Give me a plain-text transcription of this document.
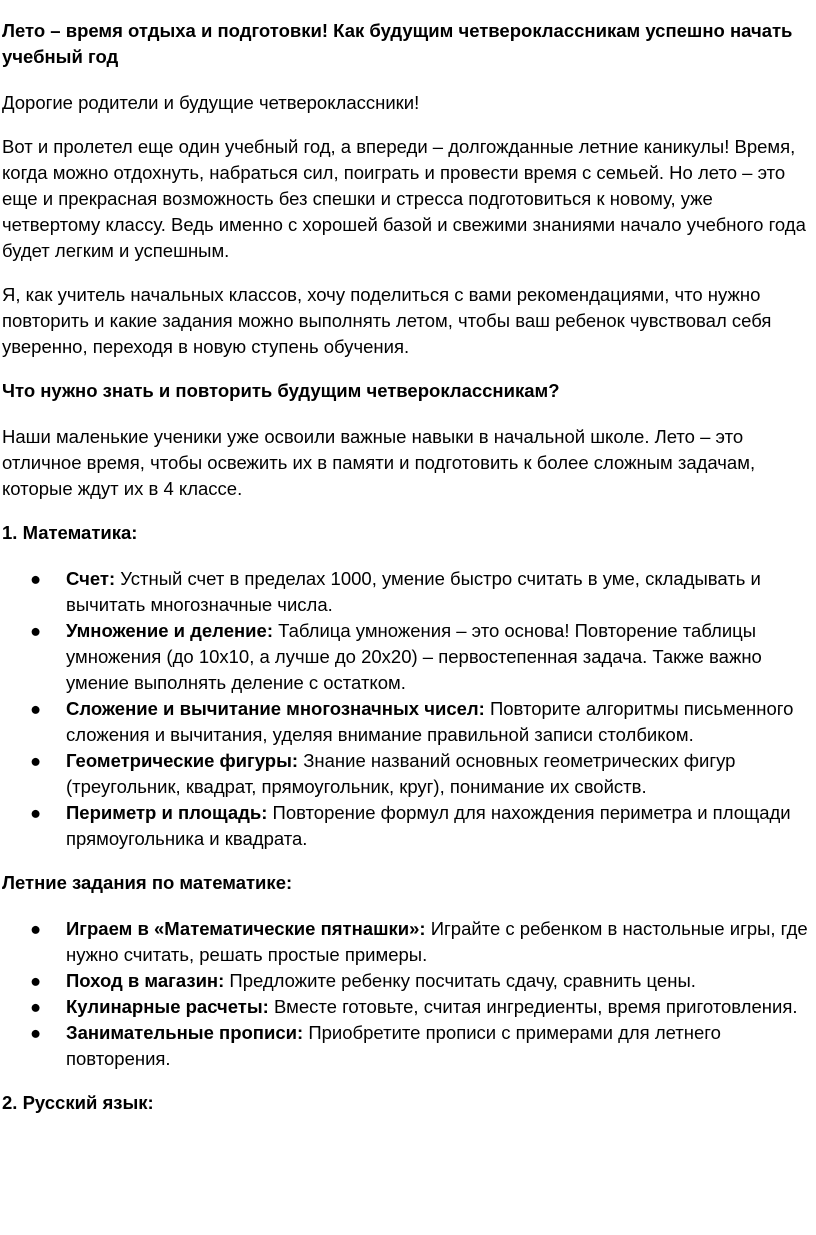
Лето – время отдыха и подготовки! Как будущим четвероклассникам успешно начать учебный год

Дорогие родители и будущие четвероклассники!

Вот и пролетел еще один учебный год, а впереди – долгожданные летние каникулы! Время, когда можно отдохнуть, набраться сил, поиграть и провести время с семьей. Но лето – это еще и прекрасная возможность без спешки и стресса подготовиться к новому, уже четвертому классу. Ведь именно с хорошей базой и свежими знаниями начало учебного года будет легким и успешным.

Я, как учитель начальных классов, хочу поделиться с вами рекомендациями, что нужно повторить и какие задания можно выполнять летом, чтобы ваш ребенок чувствовал себя уверенно, переходя в новую ступень обучения.

Что нужно знать и повторить будущим четвероклассникам?

Наши маленькие ученики уже освоили важные навыки в начальной школе. Лето – это отличное время, чтобы освежить их в памяти и подготовить к более сложным задачам, которые ждут их в 4 классе.

1. Математика:

● Счет: Устный счет в пределах 1000, умение быстро считать в уме, складывать и вычитать многозначные числа.
● Умножение и деление: Таблица умножения – это основа! Повторение таблицы умножения (до 10х10, а лучше до 20х20) – первостепенная задача. Также важно умение выполнять деление с остатком.
● Сложение и вычитание многозначных чисел: Повторите алгоритмы письменного сложения и вычитания, уделяя внимание правильной записи столбиком.
● Геометрические фигуры: Знание названий основных геометрических фигур (треугольник, квадрат, прямоугольник, круг), понимание их свойств.
● Периметр и площадь: Повторение формул для нахождения периметра и площади прямоугольника и квадрата.

Летние задания по математике:

● Играем в «Математические пятнашки»: Играйте с ребенком в настольные игры, где нужно считать, решать простые примеры.
● Поход в магазин: Предложите ребенку посчитать сдачу, сравнить цены.
● Кулинарные расчеты: Вместе готовьте, считая ингредиенты, время приготовления.
● Занимательные прописи: Приобретите прописи с примерами для летнего повторения.

2. Русский язык:
